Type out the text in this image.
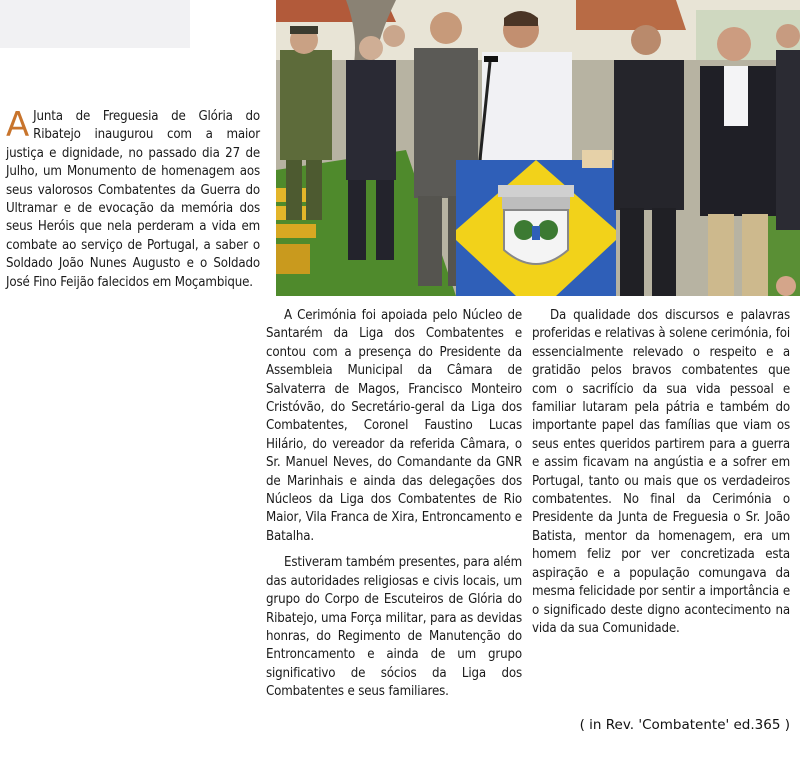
A Junta de Freguesia de Glória do Ribatejo inaugurou com a maior justiça e dignidade, no passado dia 27 de Julho, um Monumento de homenagem aos seus valorosos Combatentes da Guerra do Ultramar e de evocação da memória dos seus Heróis que nela perderam a vida em combate ao serviço de Portugal, a saber o Soldado João Nunes Augusto e o Soldado José Fino Feijão falecidos em Moçambique.

A Cerimónia foi apoiada pelo Núcleo de Santarém da Liga dos Combatentes e contou com a presença do Presidente da Assembleia Municipal da Câmara de Salvaterra de Magos, Francisco Monteiro Cristóvão, do Secretário-geral da Liga dos Combatentes, Coronel Faustino Lucas Hilário, do vereador da referida Câmara, o Sr. Manuel Neves, do Comandante da GNR de Marinhais e ainda das delegações dos Núcleos da Liga dos Combatentes de Rio Maior, Vila Franca de Xira, Entroncamento e Batalha.

Estiveram também presentes, para além das autoridades religiosas e civis locais, um grupo do Corpo de Escuteiros de Glória do Ribatejo, uma Força militar, para as devidas honras, do Regimento de Manutenção do Entroncamento e ainda de um grupo significativo de sócios da Liga dos Combatentes e seus familiares.

Da qualidade dos discursos e palavras proferidas e relativas à solene cerimónia, foi essencialmente relevado o respeito e a gratidão pelos bravos combatentes que com o sacrifício da sua vida pessoal e familiar lutaram pela pátria e também do importante papel das famílias que viam os seus entes queridos partirem para a guerra e assim ficavam na angústia e a sofrer em Portugal, tanto ou mais que os verdadeiros combatentes. No final da Cerimónia o Presidente da Junta de Freguesia o Sr. João Batista, mentor da homenagem, era um homem feliz por ver concretizada esta aspiração e a população comungava da mesma felicidade por sentir a importância e o significado deste digno acontecimento na vida da sua Comunidade.

( in Rev. 'Combatente' ed.365 )
